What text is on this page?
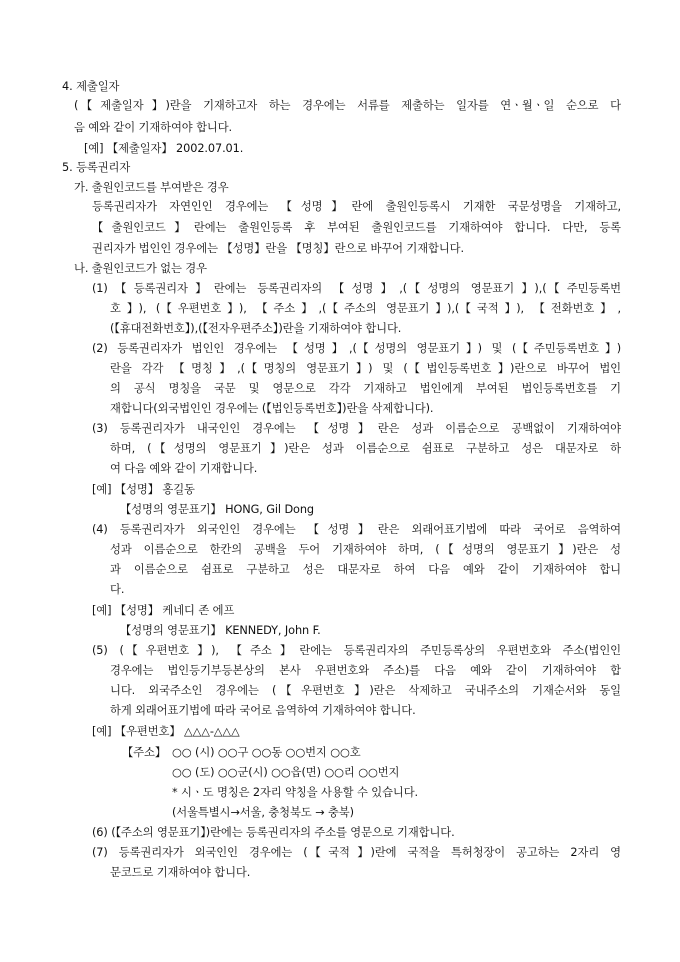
4. 제출일자
(【제출일자】)란을 기재하고자 하는 경우에는 서류를 제출하는 일자를 연ㆍ월ㆍ일 순으로 다
음 예와 같이 기재하여야 합니다.
[예] 【제출일자】 2002.07.01.
5. 등록권리자
가. 출원인코드를 부여받은 경우
등록권리자가 자연인인 경우에는 【성명】란에 출원인등록시 기재한 국문성명을 기재하고,
【출원인코드】란에는 출원인등록 후 부여된 출원인코드를 기재하여야 합니다. 다만, 등록
권리자가 법인인 경우에는 【성명】란을 【명칭】란으로 바꾸어 기재합니다.
나. 출원인코드가 없는 경우
(1)【등록권리자】란에는 등록권리자의 【성명】,(【성명의 영문표기】),(【주민등록번
호】), (【우편번호】), 【주소】,(【주소의 영문표기】),(【국적】), 【전화번호】,
(【휴대전화번호】),(【전자우편주소】)란을 기재하여야 합니다.
(2) 등록권리자가 법인인 경우에는 【성명】,(【성명의 영문표기】) 및 (【주민등록번호】)
란을 각각 【명칭】,(【명칭의 영문표기】) 및 (【법인등록번호】)란으로 바꾸어 법인
의 공식 명칭을 국문 및 영문으로 각각 기재하고 법인에게 부여된 법인등록번호를 기
재합니다(외국법인인 경우에는 (【법인등록번호】)란을 삭제합니다).
(3) 등록권리자가 내국인인 경우에는 【성명】란은 성과 이름순으로 공백없이 기재하여야
하며, (【성명의 영문표기】)란은 성과 이름순으로 쉼표로 구분하고 성은 대문자로 하
여 다음 예와 같이 기재합니다.
[예] 【성명】 홍길동
【성명의 영문표기】 HONG, Gil Dong
(4) 등록권리자가 외국인인 경우에는 【성명】란은 외래어표기법에 따라 국어로 음역하여
성과 이름순으로 한칸의 공백을 두어 기재하여야 하며, (【성명의 영문표기】)란은 성
과 이름순으로 쉼표로 구분하고 성은 대문자로 하여 다음 예와 같이 기재하여야 합니
다.
[예] 【성명】 케네디 존 에프
【성명의 영문표기】 KENNEDY, John F.
(5) (【우편번호】), 【주소】란에는 등록권리자의 주민등록상의 우편번호와 주소(법인인
경우에는 법인등기부등본상의 본사 우편번호와 주소)를 다음 예와 같이 기재하여야 합
니다. 외국주소인 경우에는 (【우편번호】)란은 삭제하고 국내주소의 기재순서와 동일
하게 외래어표기법에 따라 국어로 음역하여 기재하여야 합니다.
[예] 【우편번호】 △△△-△△△
【주소】 ○○ (시) ○○구 ○○동 ○○번지 ○○호
○○ (도) ○○군(시) ○○읍(면) ○○리 ○○번지
* 시ㆍ도 명칭은 2자리 약칭을 사용할 수 있습니다.
(서울특별시→서울, 충청북도 → 충북)
(6) (【주소의 영문표기】)란에는 등록권리자의 주소를 영문으로 기재합니다.
(7) 등록권리자가 외국인인 경우에는 (【국적】)란에 국적을 특허청장이 공고하는 2자리 영
문코드로 기재하여야 합니다.
